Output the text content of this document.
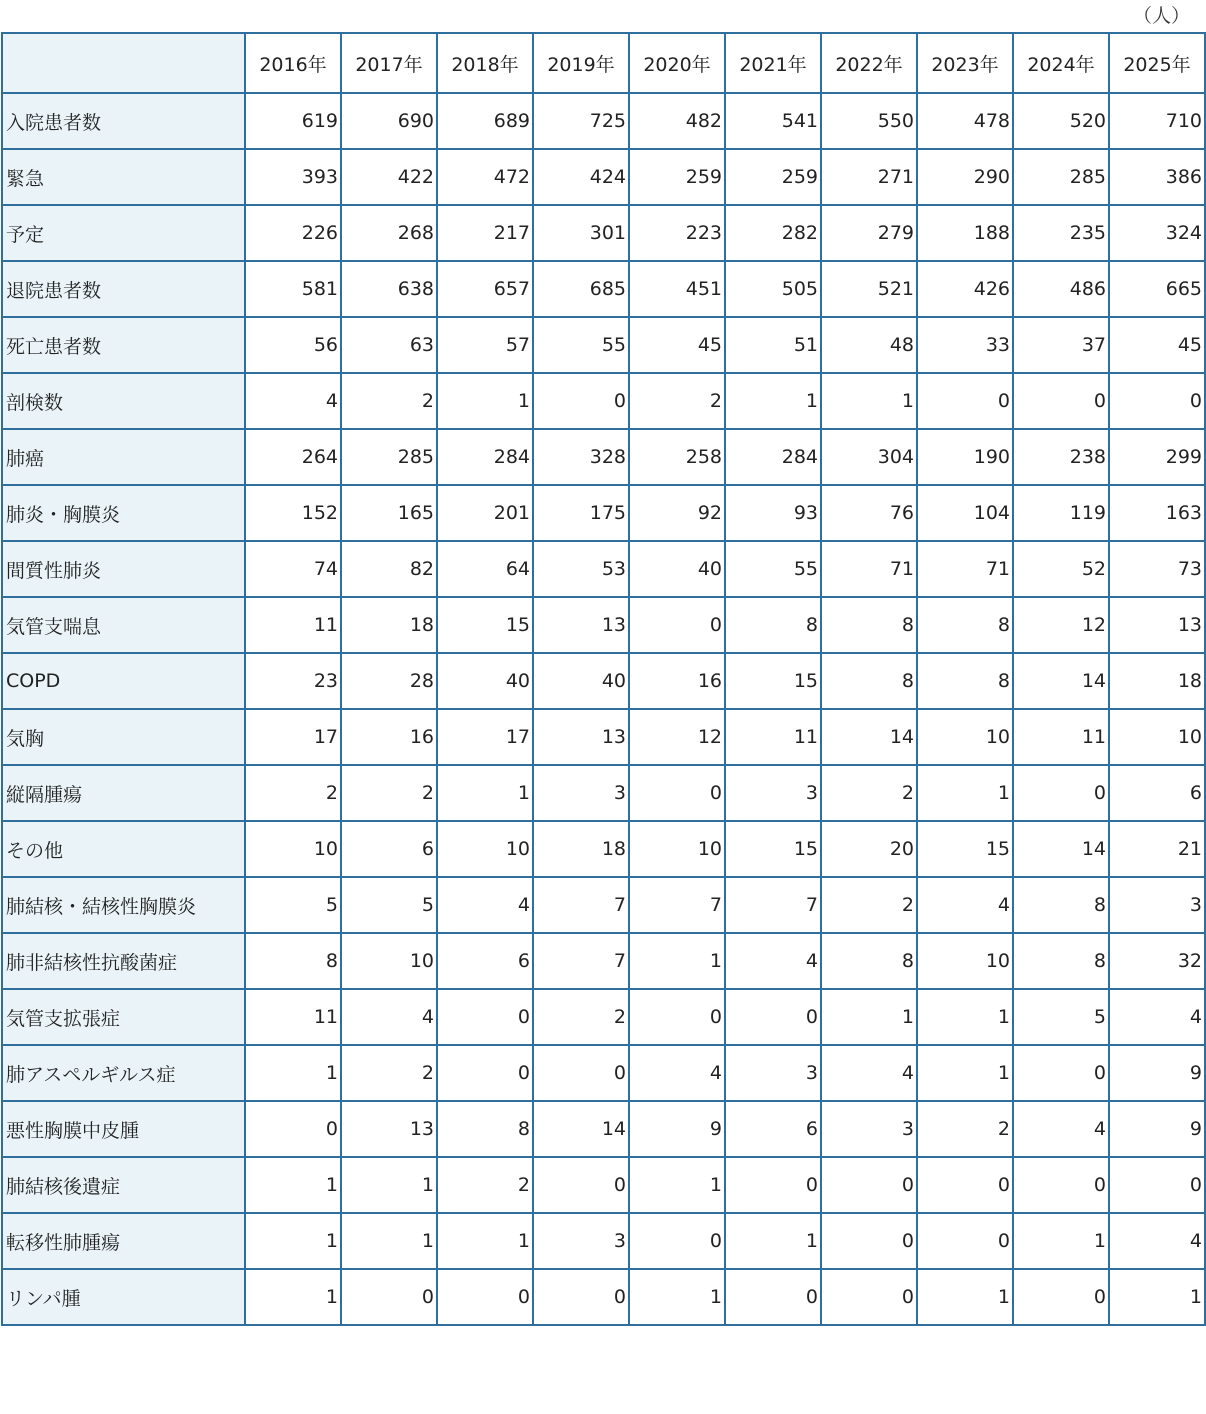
（人）
	2016年	2017年	2018年	2019年	2020年	2021年	2022年	2023年	2024年	2025年
入院患者数	619	690	689	725	482	541	550	478	520	710
緊急	393	422	472	424	259	259	271	290	285	386
予定	226	268	217	301	223	282	279	188	235	324
退院患者数	581	638	657	685	451	505	521	426	486	665
死亡患者数	56	63	57	55	45	51	48	33	37	45
剖検数	4	2	1	0	2	1	1	0	0	0
肺癌	264	285	284	328	258	284	304	190	238	299
肺炎・胸膜炎	152	165	201	175	92	93	76	104	119	163
間質性肺炎	74	82	64	53	40	55	71	71	52	73
気管支喘息	11	18	15	13	0	8	8	8	12	13
COPD	23	28	40	40	16	15	8	8	14	18
気胸	17	16	17	13	12	11	14	10	11	10
縦隔腫瘍	2	2	1	3	0	3	2	1	0	6
その他	10	6	10	18	10	15	20	15	14	21
肺結核・結核性胸膜炎	5	5	4	7	7	7	2	4	8	3
肺非結核性抗酸菌症	8	10	6	7	1	4	8	10	8	32
気管支拡張症	11	4	0	2	0	0	1	1	5	4
肺アスペルギルス症	1	2	0	0	4	3	4	1	0	9
悪性胸膜中皮腫	0	13	8	14	9	6	3	2	4	9
肺結核後遺症	1	1	2	0	1	0	0	0	0	0
転移性肺腫瘍	1	1	1	3	0	1	0	0	1	4
リンパ腫	1	0	0	0	1	0	0	1	0	1
